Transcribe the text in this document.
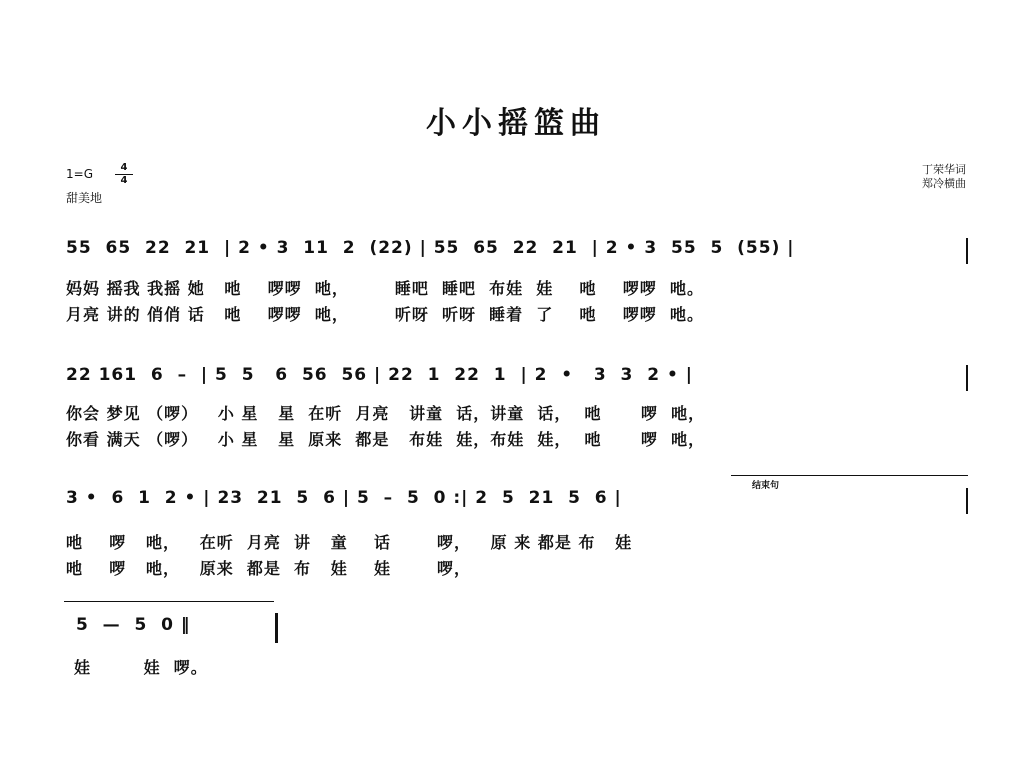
小小摇篮曲
1=G	4
4
甜美地
丁荣华词
郑冷横曲
55  65  22  21  | 2 • 3  11  2  (22) | 55  65  22  21  | 2 • 3  55  5  (55) |
妈妈 摇我 我摇 她   吔    啰啰  吔，       睡吧  睡吧  布娃  娃    吔    啰啰  吔。
月亮 讲的 俏俏 话   吔    啰啰  吔，       听呀  听呀  睡着  了    吔    啰啰  吔。
22 161  6  –  | 5  5   6  56  56 | 22  1  22  1  | 2  •   3  3  2 • |
你会 梦见 （啰）   小 星   星  在听  月亮   讲童  话，讲童  话，  吔      啰  吔，
你看 满天 （啰）   小 星   星  原来  都是   布娃  娃，布娃  娃，  吔      啰  吔，
结束句
3 •  6  1  2 • | 23  21  5  6 | 5  –  5  0 :| 2  5  21  5  6 |
吔    啰   吔，   在听  月亮  讲   童    话       啰，   原 来 都是 布   娃
吔    啰   吔，   原来  都是  布   娃    娃       啰，
5  —  5  0 ‖
娃        娃  啰。
